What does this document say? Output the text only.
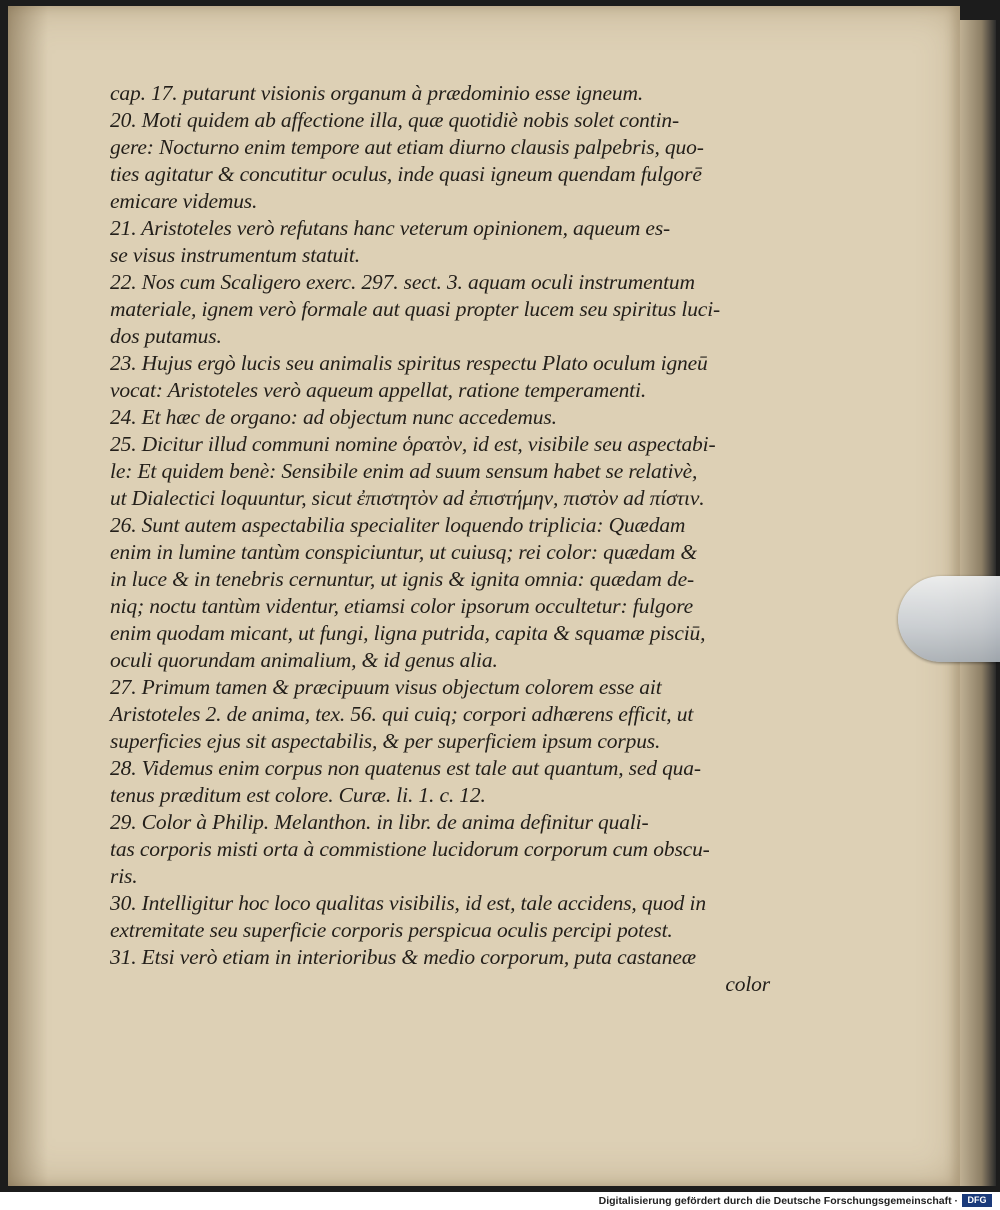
cap. 17. putarunt visionis organum à prædominio esse igneum.
20. Moti quidem ab affectione illa, quæ quotidiè nobis solet contin-
gere: Nocturno enim tempore aut etiam diurno clausis palpebris, quo-
ties agitatur & concutitur oculus, inde quasi igneum quendam fulgorē
emicare videmus.
21. Aristoteles verò refutans hanc veterum opinionem, aqueum es-
se visus instrumentum statuit.
22. Nos cum Scaligero exerc. 297. sect. 3. aquam oculi instrumentum
materiale, ignem verò formale aut quasi propter lucem seu spiritus luci-
dos putamus.
23. Hujus ergò lucis seu animalis spiritus respectu Plato oculum igneū
vocat: Aristoteles verò aqueum appellat, ratione temperamenti.
24. Et hæc de organo: ad objectum nunc accedemus.
25. Dicitur illud communi nomine ὁρατὸν, id est, visibile seu aspectabi-
le: Et quidem benè: Sensibile enim ad suum sensum habet se relativè,
ut Dialectici loquuntur, sicut ἐπιστητὸν ad ἐπιστήμην, πιστὸν ad πίστιν.
26. Sunt autem aspectabilia specialiter loquendo triplicia: Quædam
enim in lumine tantùm conspiciuntur, ut cuiusq; rei color: quædam &
in luce & in tenebris cernuntur, ut ignis & ignita omnia: quædam de-
niq; noctu tantùm videntur, etiamsi color ipsorum occultetur: fulgore
enim quodam micant, ut fungi, ligna putrida, capita & squamæ pisciū,
oculi quorundam animalium, & id genus alia.
27. Primum tamen & præcipuum visus objectum colorem esse ait
Aristoteles 2. de anima, tex. 56. qui cuiq; corpori adhærens efficit, ut
superficies ejus sit aspectabilis, & per superficiem ipsum corpus.
28. Videmus enim corpus non quatenus est tale aut quantum, sed qua-
tenus præditum est colore. Curæ. li. 1. c. 12.
29. Color à Philip. Melanthon. in libr. de anima definitur quali-
tas corporis misti orta à commistione lucidorum corporum cum obscu-
ris.
30. Intelligitur hoc loco qualitas visibilis, id est, tale accidens, quod in
extremitate seu superficie corporis perspicua oculis percipi potest.
31. Etsi verò etiam in interioribus & medio corporum, puta castaneæ
color
Digitalisierung gefördert durch die Deutsche Forschungsgemeinschaft ·	DFG
